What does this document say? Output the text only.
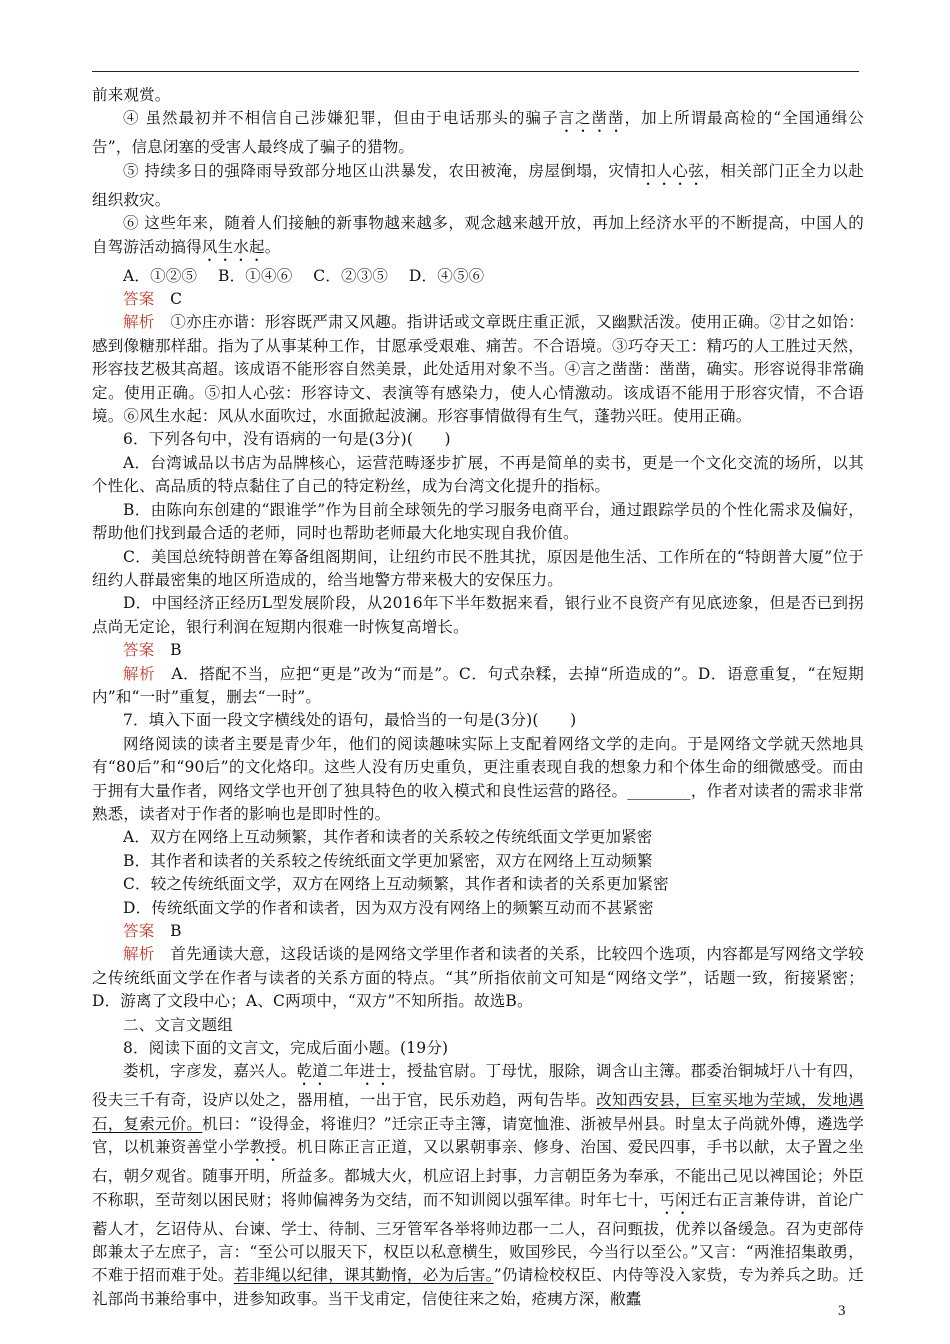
前来观赏。

④ 虽然最初并不相信自己涉嫌犯罪，但由于电话那头的骗子言之凿凿，加上所谓最高检的“全国通缉公告”，信息闭塞的受害人最终成了骗子的猎物。

⑤ 持续多日的强降雨导致部分地区山洪暴发，农田被淹，房屋倒塌，灾情扣人心弦，相关部门正全力以赴组织救灾。

⑥ 这些年来，随着人们接触的新事物越来越多，观念越来越开放，再加上经济水平的不断提高，中国人的自驾游活动搞得风生水起。

A．①②⑤　 B．①④⑥　 C．②③⑤　 D．④⑤⑥

答案　C

解析　①亦庄亦谐：形容既严肃又风趣。指讲话或文章既庄重正派，又幽默活泼。使用正确。②甘之如饴：感到像糖那样甜。指为了从事某种工作，甘愿承受艰难、痛苦。不合语境。③巧夺天工：精巧的人工胜过天然，形容技艺极其高超。该成语不能形容自然美景，此处适用对象不当。④言之凿凿：凿凿，确实。形容说得非常确定。使用正确。⑤扣人心弦：形容诗文、表演等有感染力，使人心情激动。该成语不能用于形容灾情，不合语境。⑥风生水起：风从水面吹过，水面掀起波澜。形容事情做得有生气，蓬勃兴旺。使用正确。

6．下列各句中，没有语病的一句是(3分)(　　)

A．台湾诚品以书店为品牌核心，运营范畴逐步扩展，不再是简单的卖书，更是一个文化交流的场所，以其个性化、高品质的特点黏住了自己的特定粉丝，成为台湾文化提升的指标。

B．由陈向东创建的“跟谁学”作为目前全球领先的学习服务电商平台，通过跟踪学员的个性化需求及偏好，帮助他们找到最合适的老师，同时也帮助老师最大化地实现自我价值。

C．美国总统特朗普在筹备组阁期间，让纽约市民不胜其扰，原因是他生活、工作所在的“特朗普大厦”位于纽约人群最密集的地区所造成的，给当地警方带来极大的安保压力。

D．中国经济正经历L型发展阶段，从2016年下半年数据来看，银行业不良资产有见底迹象，但是否已到拐点尚无定论，银行利润在短期内很难一时恢复高增长。

答案　B

解析　A．搭配不当，应把“更是”改为“而是”。C．句式杂糅，去掉“所造成的”。D．语意重复，“在短期内”和“一时”重复，删去“一时”。

7．填入下面一段文字横线处的语句，最恰当的一句是(3分)(　　)

网络阅读的读者主要是青少年，他们的阅读趣味实际上支配着网络文学的走向。于是网络文学就天然地具有“80后”和“90后”的文化烙印。这些人没有历史重负，更注重表现自我的想象力和个体生命的细微感受。而由于拥有大量作者，网络文学也开创了独具特色的收入模式和良性运营的路径。________，作者对读者的需求非常熟悉，读者对于作者的影响也是即时性的。

A．双方在网络上互动频繁，其作者和读者的关系较之传统纸面文学更加紧密

B．其作者和读者的关系较之传统纸面文学更加紧密，双方在网络上互动频繁

C．较之传统纸面文学，双方在网络上互动频繁，其作者和读者的关系更加紧密

D．传统纸面文学的作者和读者，因为双方没有网络上的频繁互动而不甚紧密

答案　B

解析　首先通读大意，这段话谈的是网络文学里作者和读者的关系，比较四个选项，内容都是写网络文学较之传统纸面文学在作者与读者的关系方面的特点。“其”所指依前文可知是“网络文学”，话题一致，衔接紧密；D．游离了文段中心；A、C两项中，“双方”不知所指。故选B。

二、文言文题组

8．阅读下面的文言文，完成后面小题。(19分)

娄机，字彦发，嘉兴人。乾道二年进士，授盐官尉。丁母忧，服除，调含山主簿。郡委治铜城圩八十有四，役夫三千有奇，设庐以处之，器用植，一出于官，民乐劝趋，两旬告毕。改知西安县，巨室买地为茔域，发地遇石，复索元价。机曰：“设得金，将谁归？”迁宗正寺主簿，请宽恤淮、浙被旱州县。时皇太子尚就外傅，遴选学官，以机兼资善堂小学教授。机日陈正言正道，又以累朝事亲、修身、治国、爱民四事，手书以献，太子置之坐右，朝夕观省。随事开明，所益多。都城大火，机应诏上封事，力言朝臣务为奉承，不能出己见以裨国论；外臣不称职，至苛刻以困民财；将帅偏裨务为交结，而不知训阅以强军律。时年七十，丐闲迁右正言兼侍讲，首论广蓄人才，乞诏侍从、台谏、学士、待制、三牙管军各举将帅边郡一二人，召问甄拔，优养以备缓急。召为吏部侍郎兼太子左庶子，言：“至公可以服天下，权臣以私意横生，败国殄民，今当行以至公。”又言：“两淮招集敢勇，不难于招而难于处。若非绳以纪律，课其勤惰，必为后害。”仍请检校权臣、内侍等没入家赀，专为养兵之助。迁礼部尚书兼给事中，进参知政事。当干戈甫定，信使往来之始，疮痍方深，敝蠹

3
